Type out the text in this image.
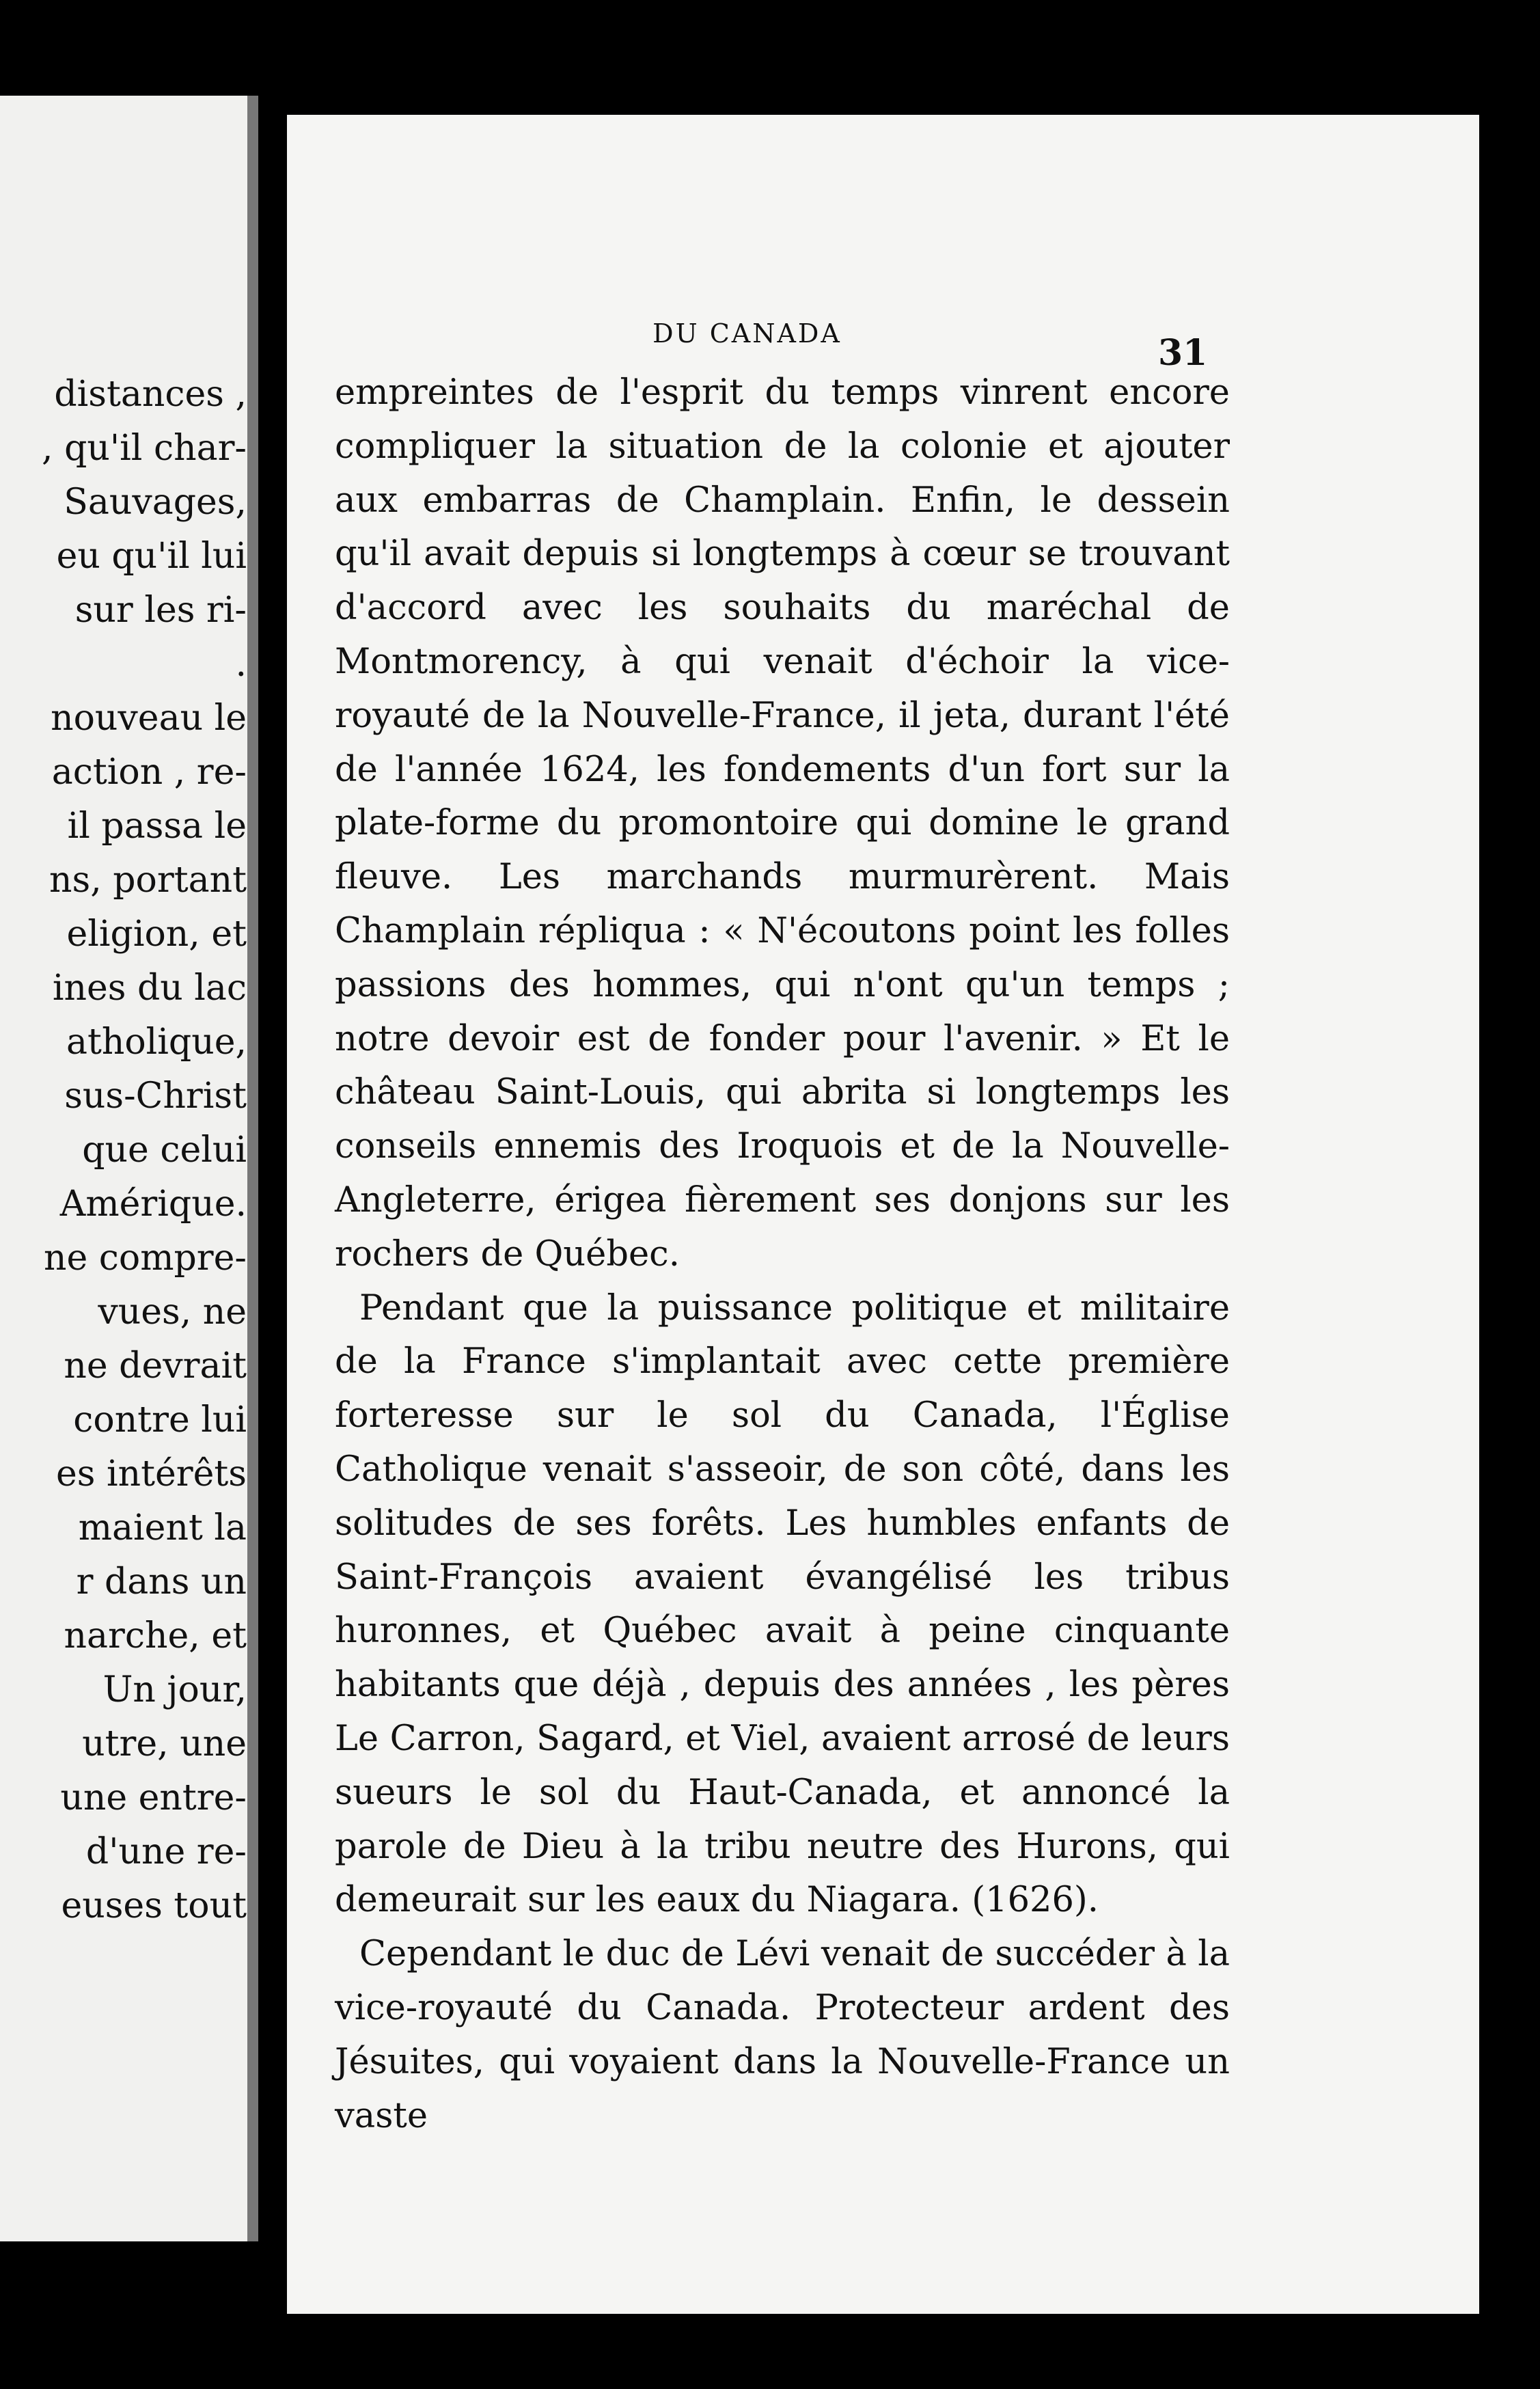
distances ,
, qu'il char-
Sauvages,
eu qu'il lui
sur les ri-
.
nouveau le
action , re-
il passa le
ns, portant
eligion, et
ines du lac
atholique,
sus-Christ
que celui
Amérique.
ne compre-
vues, ne
ne devrait
contre lui
es intérêts
maient la
r dans un
narche, et
Un jour,
utre, une
une entre-
d'une re-
euses tout
DU CANADA	31

empreintes de l'esprit du temps vinrent encore compliquer la situation de la colonie et ajouter aux embarras de Champlain. Enfin, le dessein qu'il avait depuis si longtemps à cœur se trouvant d'accord avec les souhaits du maréchal de Montmorency, à qui venait d'échoir la vice-royauté de la Nouvelle-France, il jeta, durant l'été de l'année 1624, les fondements d'un fort sur la plate-forme du promontoire qui domine le grand fleuve. Les marchands murmurèrent. Mais Champlain répliqua : « N'écoutons point les folles passions des hommes, qui n'ont qu'un temps ; notre devoir est de fonder pour l'avenir. » Et le château Saint-Louis, qui abrita si longtemps les conseils ennemis des Iroquois et de la Nouvelle-Angleterre, érigea fièrement ses donjons sur les rochers de Québec.

Pendant que la puissance politique et militaire de la France s'implantait avec cette première forteresse sur le sol du Canada, l'Église Catholique venait s'asseoir, de son côté, dans les solitudes de ses forêts. Les humbles enfants de Saint-François avaient évangélisé les tribus huronnes, et Québec avait à peine cinquante habitants que déjà , depuis des années , les pères Le Carron, Sagard, et Viel, avaient arrosé de leurs sueurs le sol du Haut-Canada, et annoncé la parole de Dieu à la tribu neutre des Hurons, qui demeurait sur les eaux du Niagara. (1626).

Cependant le duc de Lévi venait de succéder à la vice-royauté du Canada. Protecteur ardent des Jésuites, qui voyaient dans la Nouvelle-France un vaste
